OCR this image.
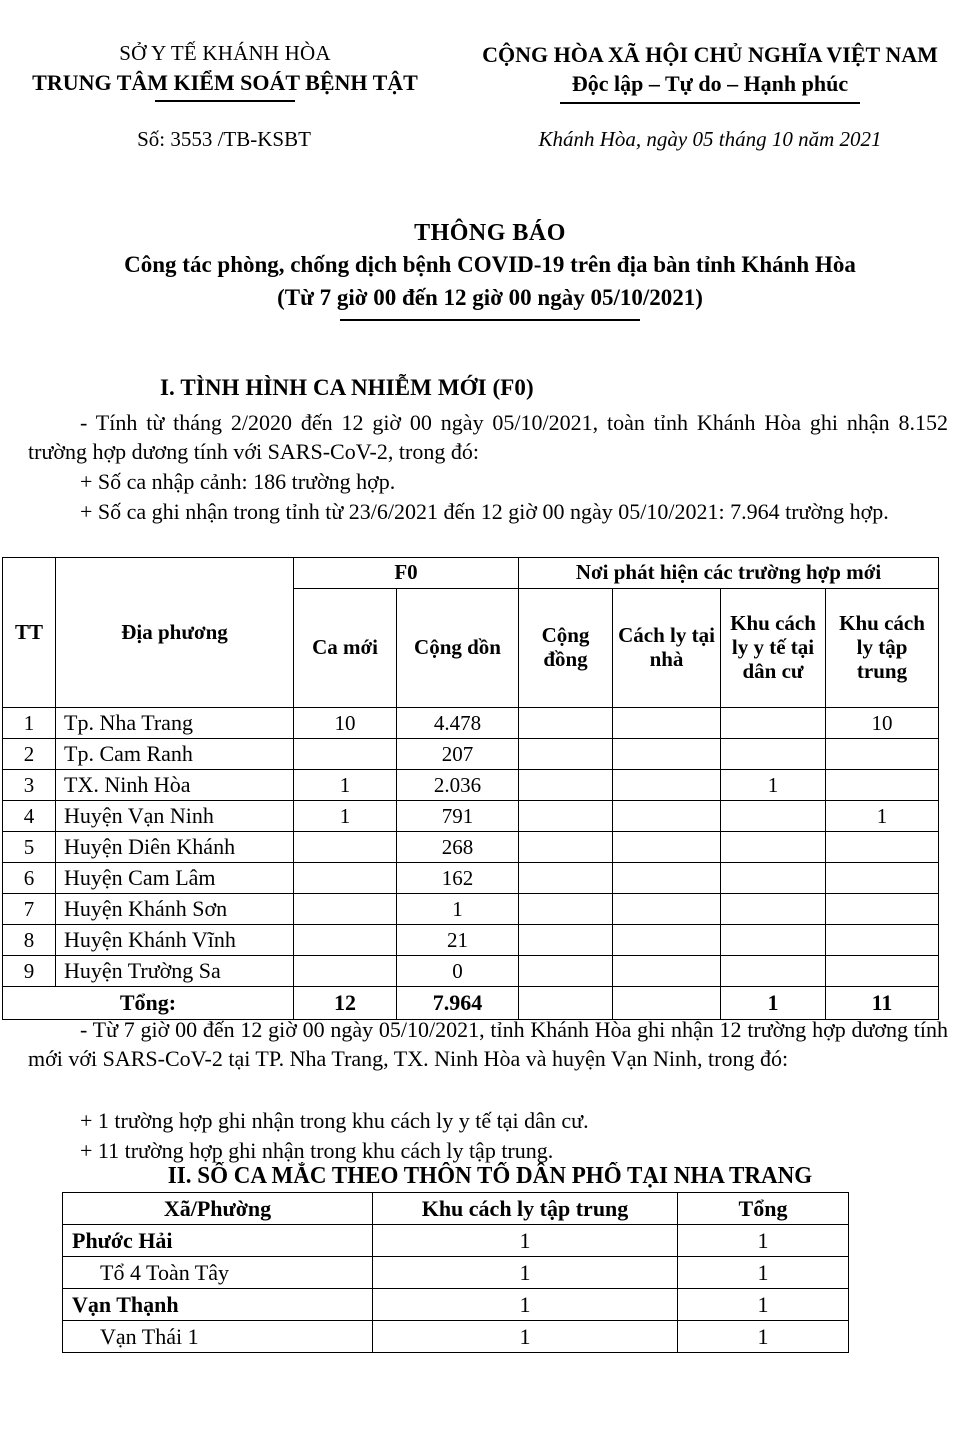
SỞ Y TẾ KHÁNH HÒA
TRUNG TÂM KIỂM SOÁT BỆNH TẬT
CỘNG HÒA XÃ HỘI CHỦ NGHĨA VIỆT NAM
Độc lập – Tự do – Hạnh phúc
Số: 3553 /TB-KSBT	Khánh Hòa, ngày 05 tháng 10 năm 2021
THÔNG BÁO
Công tác phòng, chống dịch bệnh COVID-19 trên địa bàn tỉnh Khánh Hòa
(Từ 7 giờ 00 đến 12 giờ 00 ngày 05/10/2021)
I. TÌNH HÌNH CA NHIỄM MỚI (F0)
- Tính từ tháng 2/2020 đến 12 giờ 00 ngày 05/10/2021, toàn tỉnh Khánh Hòa ghi nhận 8.152 trường hợp dương tính với SARS-CoV-2, trong đó:
+ Số ca nhập cảnh: 186 trường hợp.
+ Số ca ghi nhận trong tỉnh từ 23/6/2021 đến 12 giờ 00 ngày 05/10/2021: 7.964 trường hợp.
TT	Địa phương	F0		Nơi phát hiện các trường hợp mới			
		Ca mới	Cộng dồn	Cộng đồng	Cách ly tại nhà	Khu cách ly y tế tại dân cư	Khu cách ly tập trung
1	Tp. Nha Trang	10	4.478				10
2	Tp. Cam Ranh		207				
3	TX. Ninh Hòa	1	2.036			1	
4	Huyện Vạn Ninh	1	791				1
5	Huyện Diên Khánh		268				
6	Huyện Cam Lâm		162				
7	Huyện Khánh Sơn		1				
8	Huyện Khánh Vĩnh		21				
9	Huyện Trường Sa		0				
Tổng:		12	7.964			1	11
- Từ 7 giờ 00 đến 12 giờ 00 ngày 05/10/2021, tỉnh Khánh Hòa ghi nhận 12 trường hợp dương tính mới với SARS-CoV-2 tại TP. Nha Trang, TX. Ninh Hòa và huyện Vạn Ninh, trong đó:
+ 1 trường hợp ghi nhận trong khu cách ly y tế tại dân cư.
+ 11 trường hợp ghi nhận trong khu cách ly tập trung.
II. SỐ CA MẮC THEO THÔN TỔ DÂN PHỐ TẠI NHA TRANG
Xã/Phường	Khu cách ly tập trung	Tổng
Phước Hải	1	1
Tổ 4 Toàn Tây	1	1
Vạn Thạnh	1	1
Vạn Thái 1	1	1
